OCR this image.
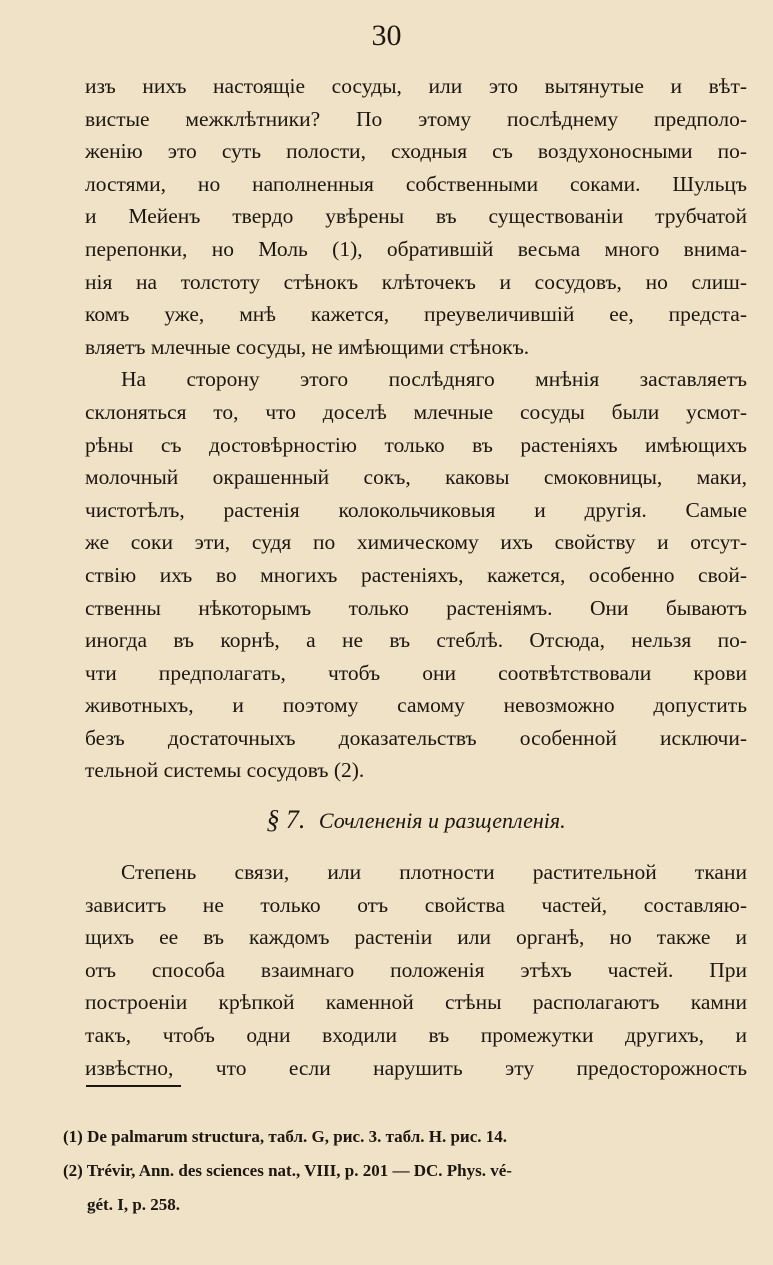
30
изъ нихъ настоящіе сосуды, или это вытянутые и вѣт-
вистые межклѣтники? По этому послѣднему предполо-
женію это суть полости, сходныя съ воздухоносными по-
лостями, но наполненныя собственными соками. Шульцъ
и Мейенъ твердо увѣрены въ существованіи трубчатой
перепонки, но Моль (1), обратившій весьма много внима-
нія на толстоту стѣнокъ клѣточекъ и сосудовъ, но слиш-
комъ уже, мнѣ кажется, преувеличившій ее, предста-
вляетъ млечные сосуды, не имѣющими стѣнокъ.
На сторону этого послѣдняго мнѣнія заставляетъ
склоняться то, что доселѣ млечные сосуды были усмот-
рѣны съ достовѣрностію только въ растеніяхъ имѣющихъ
молочный окрашенный сокъ, каковы смоковницы, маки,
чистотѣлъ, растенія колокольчиковыя и другія. Самые
же соки эти, судя по химическому ихъ свойству и отсут-
ствію ихъ во многихъ растеніяхъ, кажется, особенно свой-
ственны нѣкоторымъ только растеніямъ. Они бываютъ
иногда въ корнѣ, а не въ стеблѣ. Отсюда, нельзя по-
чти предполагать, чтобъ они соотвѣтствовали крови
животныхъ, и поэтому самому невозможно допустить
безъ достаточныхъ доказательствъ особенной исключи-
тельной системы сосудовъ (2).
§ 7. Сочлененія и разщепленія.
Степень связи, или плотности растительной ткани
зависитъ не только отъ свойства частей, составляю-
щихъ ее въ каждомъ растеніи или органѣ, но также и
отъ способа взаимнаго положенія этѣхъ частей. При
построеніи крѣпкой каменной стѣны располагаютъ камни
такъ, чтобъ одни входили въ промежутки другихъ, и
извѣстно, что если нарушить эту предосторожность
(1) De palmarum structura, табл. G, рис. 3. табл. H. рис. 14.
(2) Trévir, Ann. des sciences nat., VIII, p. 201 — DC. Phys. vé-
gét. I, p. 258.
